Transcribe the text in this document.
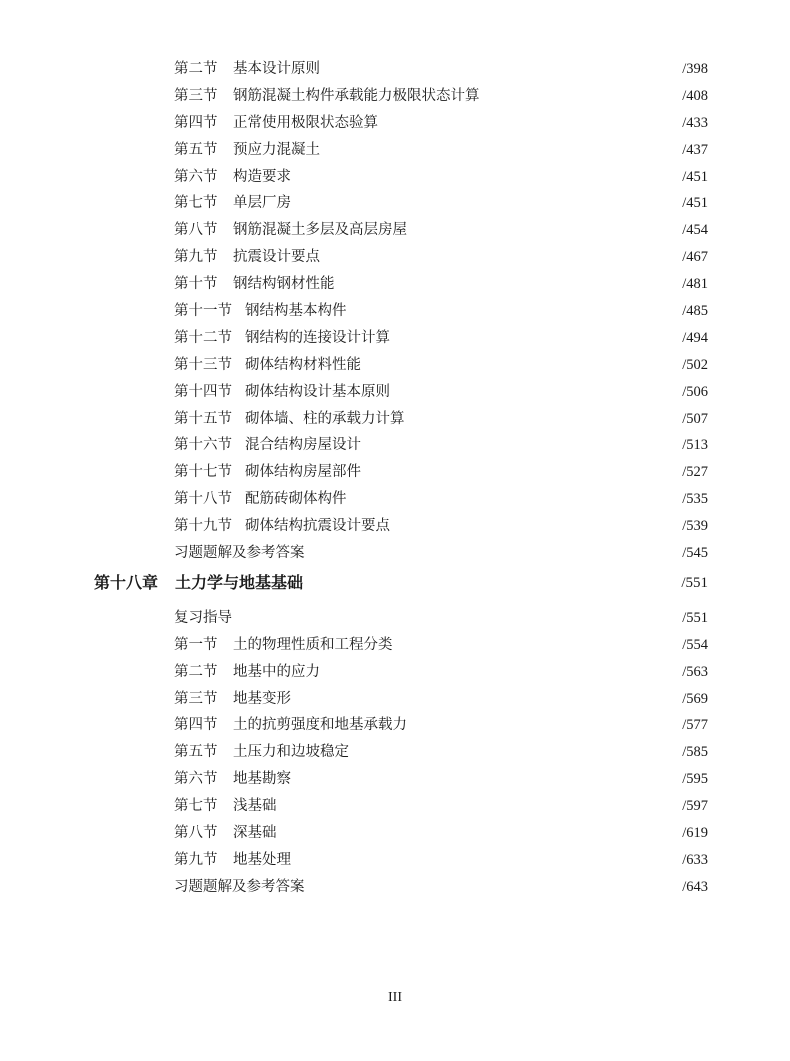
第二节 基本设计原则	/398
第三节 钢筋混凝土构件承载能力极限状态计算	/408
第四节 正常使用极限状态验算	/433
第五节 预应力混凝土	/437
第六节 构造要求	/451
第七节 单层厂房	/451
第八节 钢筋混凝土多层及高层房屋	/454
第九节 抗震设计要点	/467
第十节 钢结构钢材性能	/481
第十一节 钢结构基本构件	/485
第十二节 钢结构的连接设计计算	/494
第十三节 砌体结构材料性能	/502
第十四节 砌体结构设计基本原则	/506
第十五节 砌体墙、柱的承载力计算	/507
第十六节 混合结构房屋设计	/513
第十七节 砌体结构房屋部件	/527
第十八节 配筋砖砌体构件	/535
第十九节 砌体结构抗震设计要点	/539
习题题解及参考答案	/545
第十八章 土力学与地基基础	/551
复习指导	/551
第一节 土的物理性质和工程分类	/554
第二节 地基中的应力	/563
第三节 地基变形	/569
第四节 土的抗剪强度和地基承载力	/577
第五节 土压力和边坡稳定	/585
第六节 地基勘察	/595
第七节 浅基础	/597
第八节 深基础	/619
第九节 地基处理	/633
习题题解及参考答案	/643
III
